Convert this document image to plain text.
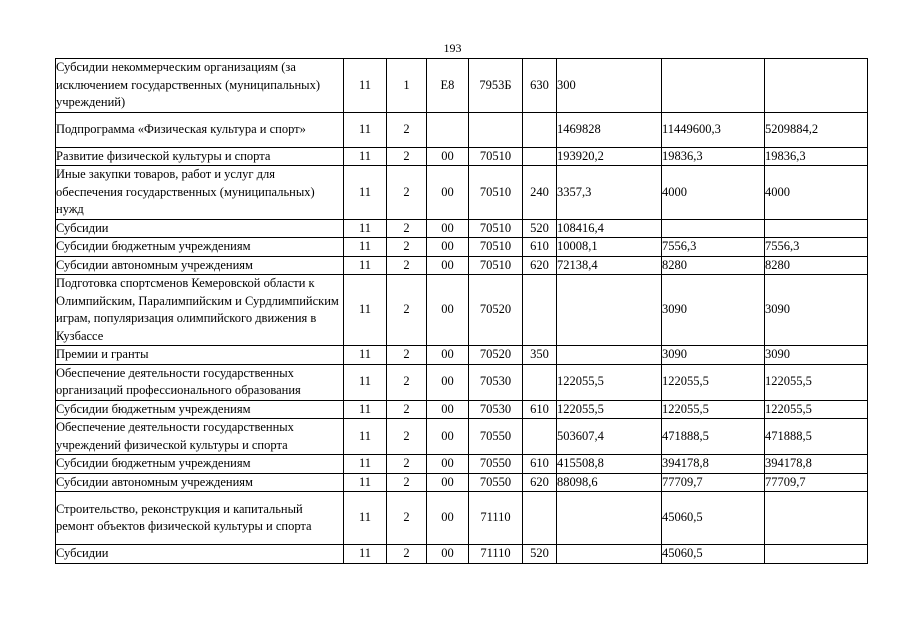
193
Субсидии некоммерческим организациям (за исключением государственных (муниципальных) учреждений)	11	1	Е8	7953Б	630	300		
Подпрограмма «Физическая культура и спорт»	11	2				1469828	11449600,3	5209884,2
Развитие физической культуры и спорта	11	2	00	70510		193920,2	19836,3	19836,3
Иные закупки товаров, работ и услуг для обеспечения государственных (муниципальных) нужд	11	2	00	70510	240	3357,3	4000	4000
Субсидии	11	2	00	70510	520	108416,4		
Субсидии бюджетным учреждениям	11	2	00	70510	610	10008,1	7556,3	7556,3
Субсидии автономным учреждениям	11	2	00	70510	620	72138,4	8280	8280
Подготовка спортсменов Кемеровской области к Олимпийским, Паралимпийским и Сурдлимпийским играм, популяризация олимпийского движения в Кузбассе	11	2	00	70520			3090	3090
Премии и гранты	11	2	00	70520	350		3090	3090
Обеспечение деятельности государственных организаций профессионального образования	11	2	00	70530		122055,5	122055,5	122055,5
Субсидии бюджетным учреждениям	11	2	00	70530	610	122055,5	122055,5	122055,5
Обеспечение деятельности государственных учреждений физической культуры и спорта	11	2	00	70550		503607,4	471888,5	471888,5
Субсидии бюджетным учреждениям	11	2	00	70550	610	415508,8	394178,8	394178,8
Субсидии автономным учреждениям	11	2	00	70550	620	88098,6	77709,7	77709,7
Строительство, реконструкция и капитальный ремонт объектов физической культуры и спорта	11	2	00	71110			45060,5	
Субсидии	11	2	00	71110	520		45060,5	
